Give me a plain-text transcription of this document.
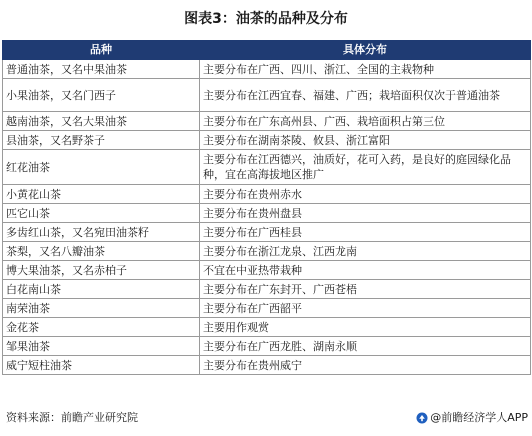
图表3：油茶的品种及分布
品种	具体分布
普通油茶，又名中果油茶	主要分布在广西、四川、浙江、全国的主栽物种
小果油茶，又名门西子	主要分布在江西宜春、福建、广西；栽培面积仅次于普通油茶
越南油茶，又名大果油茶	主要分布在广东高州县、广西、栽培面积占第三位
县油茶，又名野茶子	主要分布在湖南茶陵、攸县、浙江富阳
红花油茶	主要分布在江西德兴，油质好，花可入药，是良好的庭园绿化品种，宜在高海拔地区推广
小黄花山茶	主要分布在贵州赤水
匹它山茶	主要分布在贵州盘县
多齿红山茶，又名宛田油茶籽	主要分布在广西桂县
茶梨，又名八瓣油茶	主要分布在浙江龙泉、江西龙南
博大果油茶，又名赤柏子	不宜在中亚热带栽种
白花南山茶	主要分布在广东封开、广西苍梧
南荣油茶	主要分布在广西韶平
金花茶	主要用作观赏
邹果油茶	主要分布在广西龙胜、湖南永顺
威宁短柱油茶	主要分布在贵州威宁
资料来源：前瞻产业研究院	@前瞻经济学人APP
